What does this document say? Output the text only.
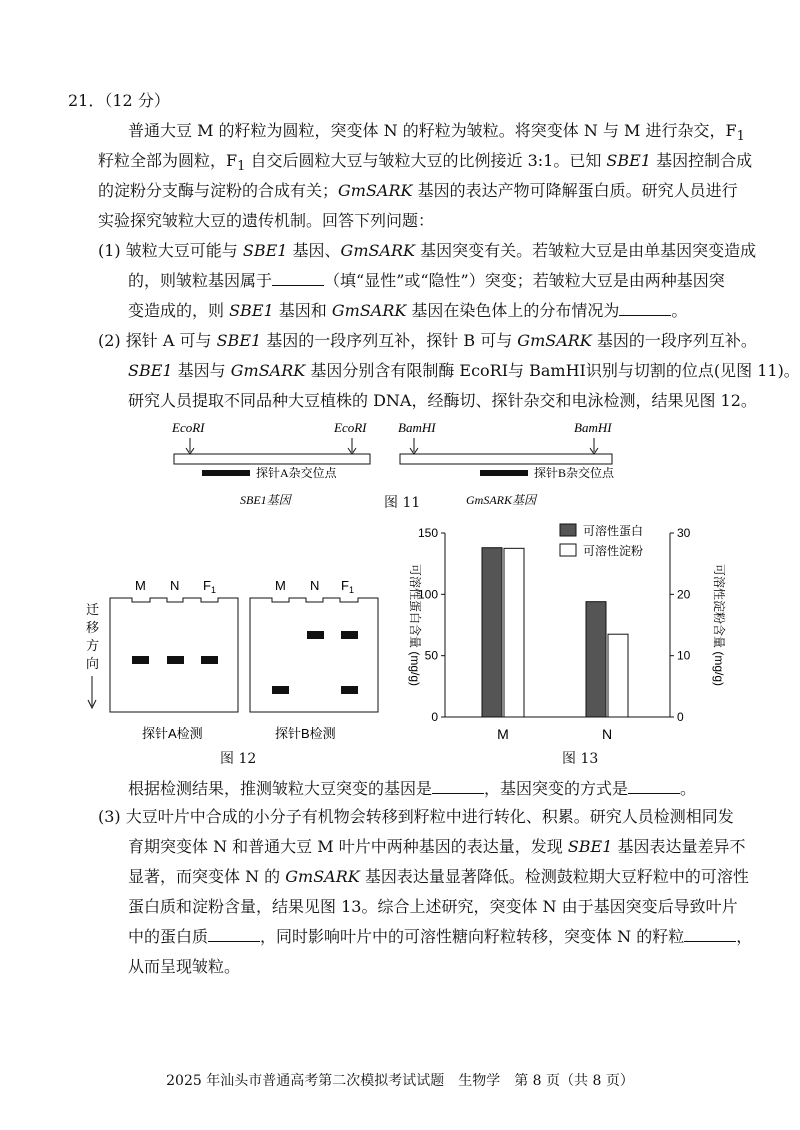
21．（12 分）
普通大豆 M 的籽粒为圆粒，突变体 N 的籽粒为皱粒。将突变体 N 与 M 进行杂交，$F_1$
籽粒全部为圆粒，$F_1$ 自交后圆粒大豆与皱粒大豆的比例接近 3:1。已知 SBE1 基因控制合成
的淀粉分支酶与淀粉的合成有关；GmSARK 基因的表达产物可降解蛋白质。研究人员进行
实验探究皱粒大豆的遗传机制。回答下列问题：
(1) 皱粒大豆可能与 SBE1 基因、GmSARK 基因突变有关。若皱粒大豆是由单基因突变造成
的，则皱粒基因属于	（填“显性”或“隐性”）突变；若皱粒大豆是由两种基因突
变造成的，则 SBE1 基因和 GmSARK 基因在染色体上的分布情况为	。
(2) 探针 A 可与 SBE1 基因的一段序列互补，探针 B 可与 GmSARK 基因的一段序列互补。
SBE1 基因与 GmSARK 基因分别含有限制酶 EcoRI与 BamHI识别与切割的位点(见图 11)。
研究人员提取不同品种大豆植株的 DNA，经酶切、探针杂交和电泳检测，结果见图 12。
EcoRI	EcoRI
探针A杂交位点
SBE1基因
BamHI	BamHI
探针B杂交位点
GmSARK基因
图 11
M N $F_1$
探针A检测
M N $F_1$
探针B检测
迁
移
方
向
图 12
0
50
100
150
0
10
20
30
M	N
可溶性蛋白
可溶性淀粉
可溶性蛋白含量 (mg/g)	可溶性淀粉含量 (mg/g)
图 13
根据检测结果，推测皱粒大豆突变的基因是	，基因突变的方式是	。
(3) 大豆叶片中合成的小分子有机物会转移到籽粒中进行转化、积累。研究人员检测相同发
育期突变体 N 和普通大豆 M 叶片中两种基因的表达量，发现 SBE1 基因表达量差异不
显著，而突变体 N 的 GmSARK 基因表达量显著降低。检测鼓粒期大豆籽粒中的可溶性
蛋白质和淀粉含量，结果见图 13。综合上述研究，突变体 N 由于基因突变后导致叶片
中的蛋白质	，同时影响叶片中的可溶性糖向籽粒转移，突变体 N 的籽粒	，
从而呈现皱粒。
2025 年汕头市普通高考第二次模拟考试试题　生物学　第 8 页（共 8 页）
